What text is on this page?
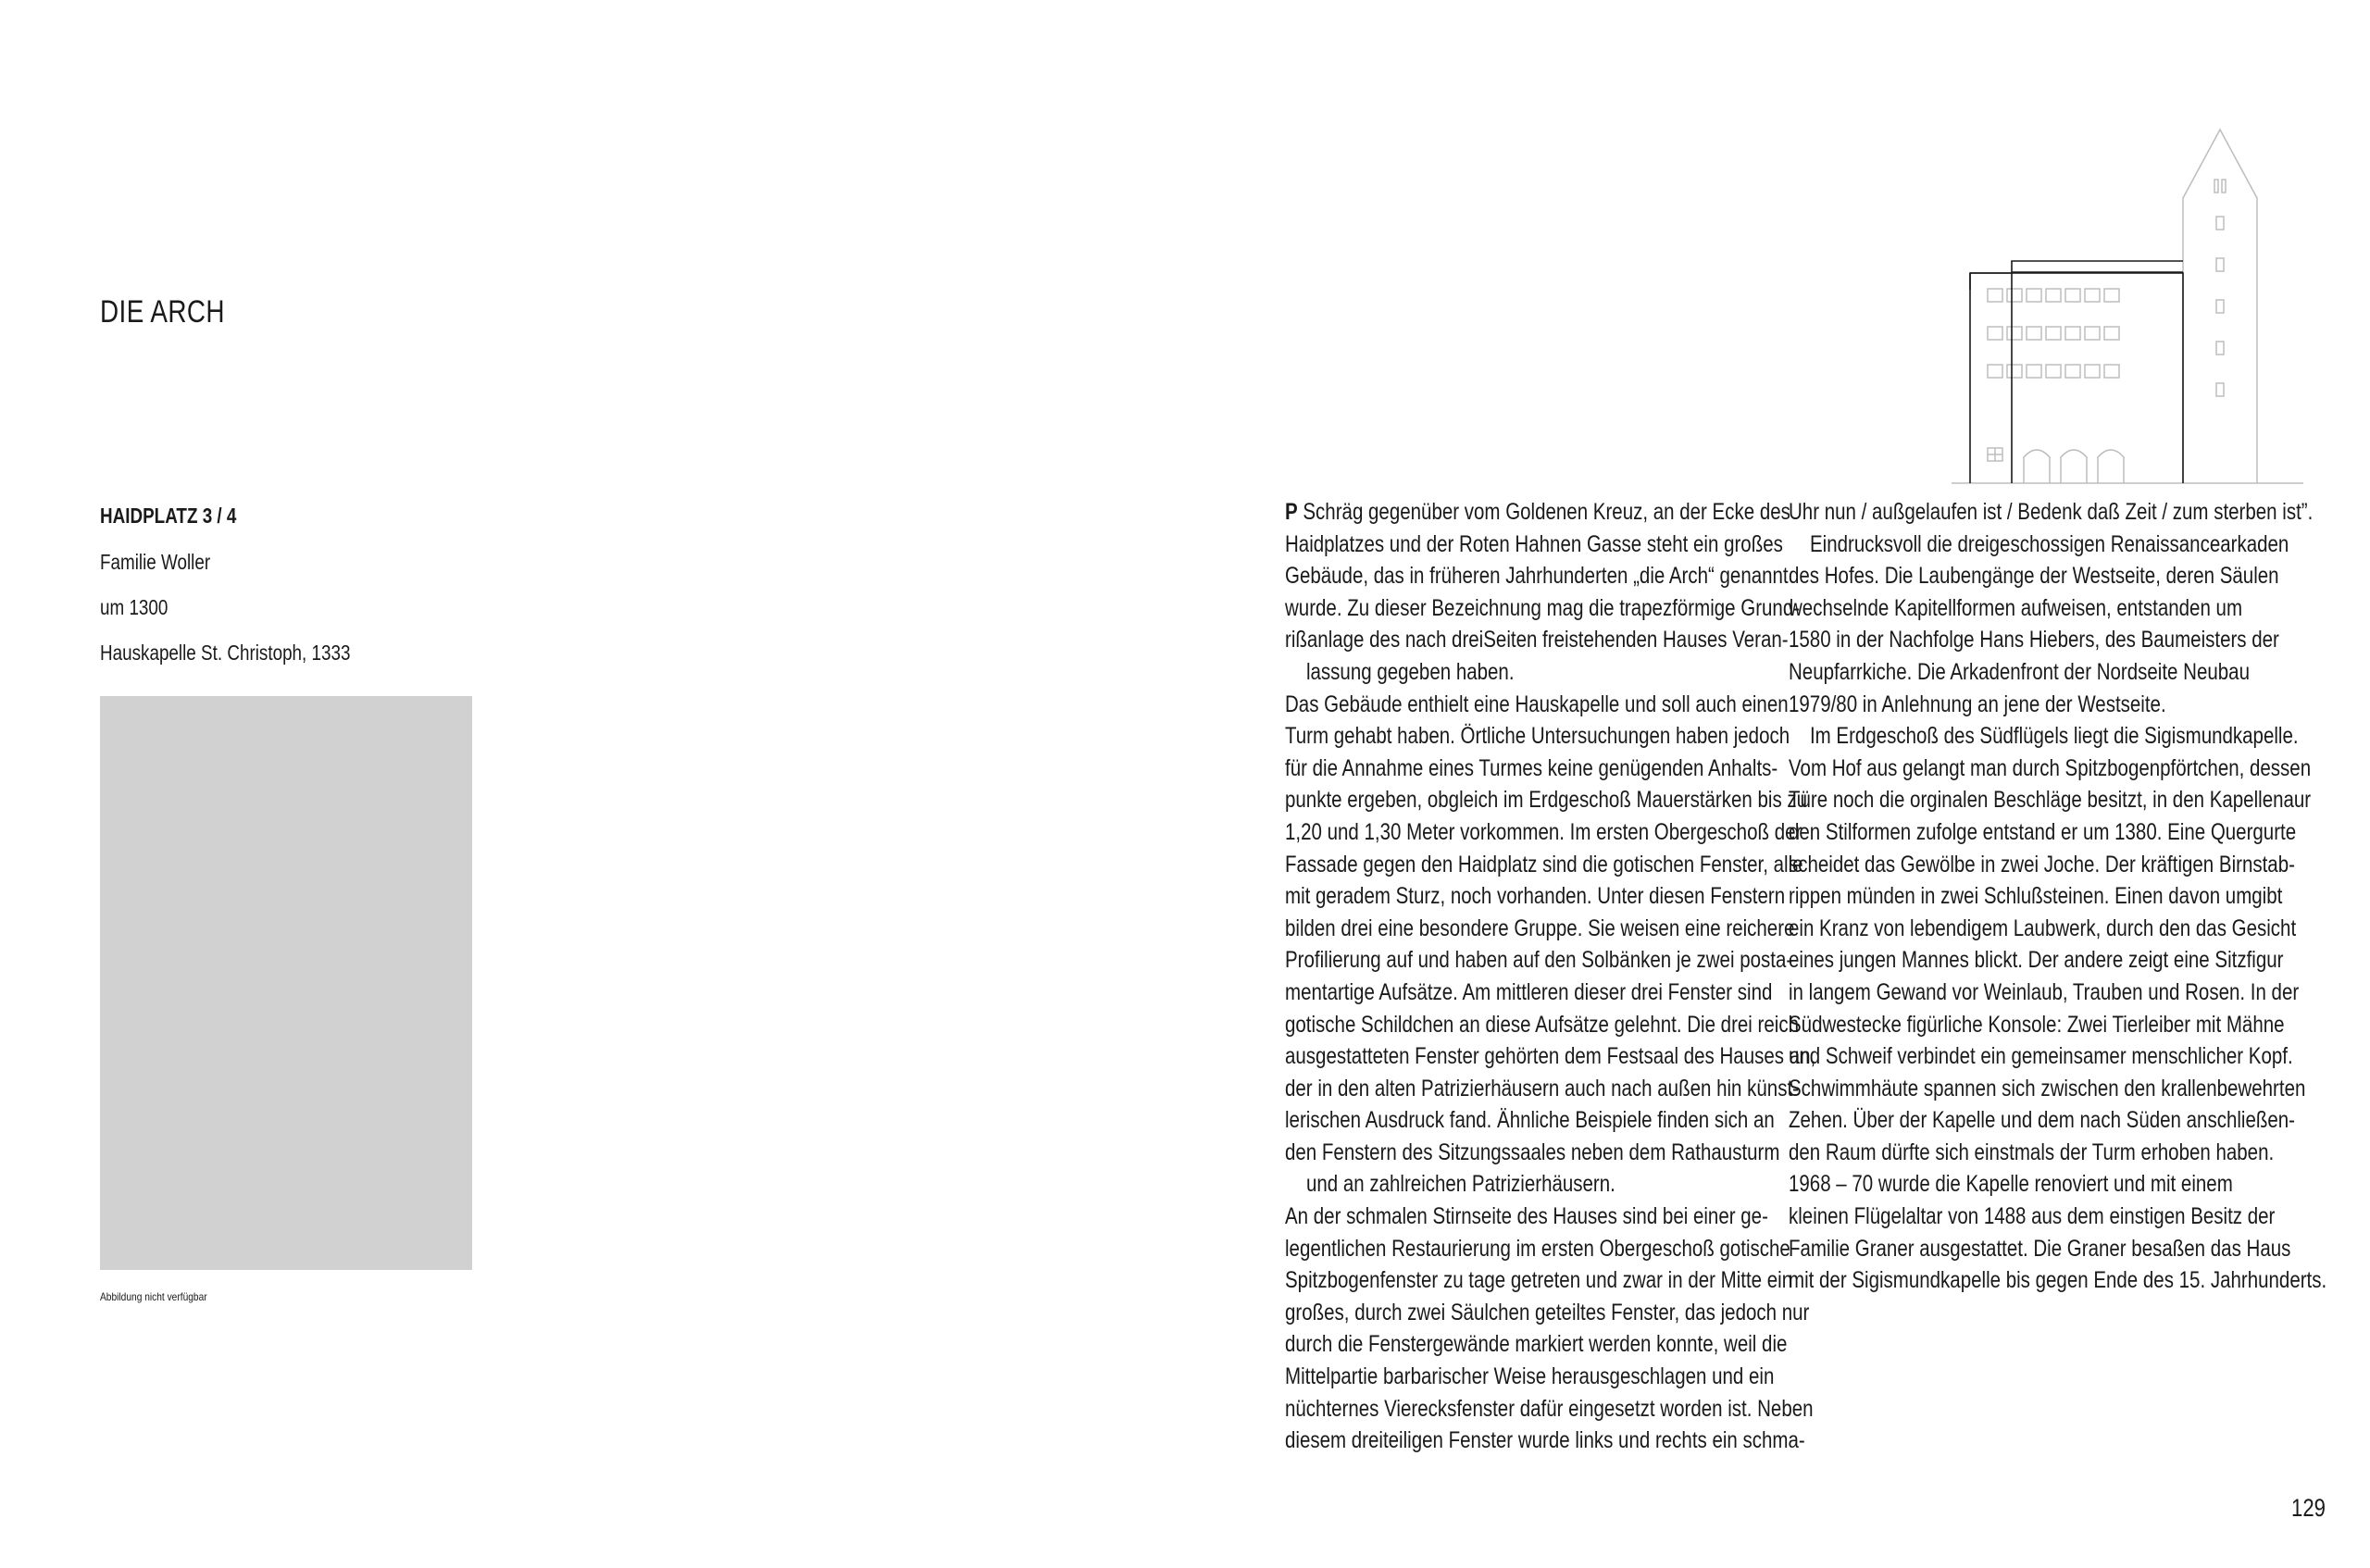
DIE ARCH

HAIDPLATZ 3 / 4

Familie Woller

um 1300

Hauskapelle St. Christoph, 1333

Abbildung nicht verfügbar

P Schräg gegenüber vom Goldenen Kreuz, an der Ecke des
Haidplatzes und der Roten Hahnen Gasse steht ein großes
Gebäude, das in früheren Jahrhunderten „die Arch“ genannt
wurde. Zu dieser Bezeichnung mag die trapezförmige Grund-
rißanlage des nach dreiSeiten freistehenden Hauses Veran-
lassung gegeben haben.
Das Gebäude enthielt eine Hauskapelle und soll auch einen
Turm gehabt haben. Örtliche Untersuchungen haben jedoch
für die Annahme eines Turmes keine genügenden Anhalts-
punkte ergeben, obgleich im Erdgeschoß Mauerstärken bis zu
1,20 und 1,30 Meter vorkommen. Im ersten Obergeschoß der
Fassade gegen den Haidplatz sind die gotischen Fenster, alle
mit geradem Sturz, noch vorhanden. Unter diesen Fenstern
bilden drei eine besondere Gruppe. Sie weisen eine reichere
Profilierung auf und haben auf den Solbänken je zwei posta-
mentartige Aufsätze. Am mittleren dieser drei Fenster sind
gotische Schildchen an diese Aufsätze gelehnt. Die drei reich
ausgestatteten Fenster gehörten dem Festsaal des Hauses an,
der in den alten Patrizierhäusern auch nach außen hin künst-
lerischen Ausdruck fand. Ähnliche Beispiele finden sich an
den Fenstern des Sitzungssaales neben dem Rathausturm
und an zahlreichen Patrizierhäusern.
An der schmalen Stirnseite des Hauses sind bei einer ge-
legentlichen Restaurierung im ersten Obergeschoß gotische
Spitzbogenfenster zu tage getreten und zwar in der Mitte ein
großes, durch zwei Säulchen geteiltes Fenster, das jedoch nur
durch die Fenstergewände markiert werden konnte, weil die
Mittelpartie barbarischer Weise herausgeschlagen und ein
nüchternes Vierecksfenster dafür eingesetzt worden ist. Neben
diesem dreiteiligen Fenster wurde links und rechts ein schma-
Uhr nun / außgelaufen ist / Bedenk daß Zeit / zum sterben ist”.
Eindrucksvoll die dreigeschossigen Renaissancearkaden
des Hofes. Die Laubengänge der Westseite, deren Säulen
wechselnde Kapitellformen aufweisen, entstanden um
1580 in der Nachfolge Hans Hiebers, des Baumeisters der
Neupfarrkiche. Die Arkadenfront der Nordseite Neubau
1979/80 in Anlehnung an jene der Westseite.
Im Erdgeschoß des Südflügels liegt die Sigismundkapelle.
Vom Hof aus gelangt man durch Spitzbogenpförtchen, dessen
Türe noch die orginalen Beschläge besitzt, in den Kapellenaur
den Stilformen zufolge entstand er um 1380. Eine Quergurte
scheidet das Gewölbe in zwei Joche. Der kräftigen Birnstab-
rippen münden in zwei Schlußsteinen. Einen davon umgibt
ein Kranz von lebendigem Laubwerk, durch den das Gesicht
eines jungen Mannes blickt. Der andere zeigt eine Sitzfigur
in langem Gewand vor Weinlaub, Trauben und Rosen. In der
Südwestecke figürliche Konsole: Zwei Tierleiber mit Mähne
und Schweif verbindet ein gemeinsamer menschlicher Kopf.
Schwimmhäute spannen sich zwischen den krallenbewehrten
Zehen. Über der Kapelle und dem nach Süden anschließen-
den Raum dürfte sich einstmals der Turm erhoben haben.
1968 – 70 wurde die Kapelle renoviert und mit einem
kleinen Flügelaltar von 1488 aus dem einstigen Besitz der
Familie Graner ausgestattet. Die Graner besaßen das Haus
mit der Sigismundkapelle bis gegen Ende des 15. Jahrhunderts.

129
